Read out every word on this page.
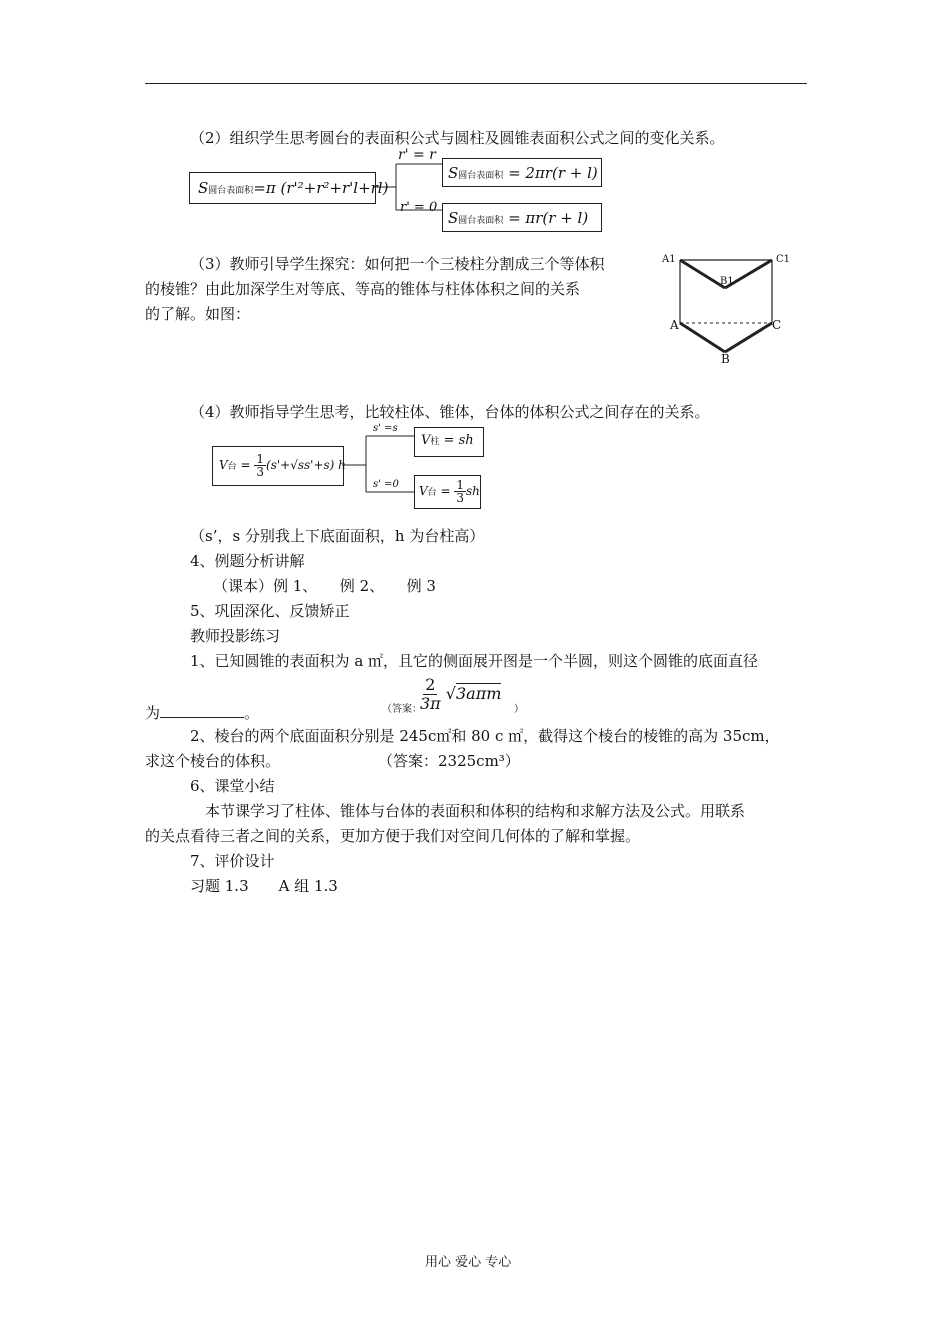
（2）组织学生思考圆台的表面积公式与圆柱及圆锥表面积公式之间的变化关系。
S圆台表面积=π (r'²+r²+r'l+rl)
r' = r
r' = 0
S圆台表面积 = 2πr(r + l)
S圆台表面积 = πr(r + l)
（3）教师引导学生探究：如何把一个三棱柱分割成三个等体积
的棱锥？由此加深学生对等底、等高的锥体与柱体体积之间的关系
的了解。如图：
A1
B1
C1
A	C
B
（4）教师指导学生思考，比较柱体、锥体，台体的体积公式之间存在的关系。
V台 = $\frac{1}{3} (s'+√ss'+s)$ h
s' =s
s' =0
V柱 = sh
V台 = $\frac{1}{3}$ sh
（s’，s 分别我上下底面面积，h 为台柱高）
4、例题分析讲解
（课本）例 1、　　例 2、　　例 3
5、巩固深化、反馈矫正
教师投影练习
1、已知圆锥的表面积为 a ㎡，且它的侧面展开图是一个半圆，则这个圆锥的底面直径
为	。	（答案：
$\frac{2}{3\pi} √3a\pi m$
）
2、棱台的两个底面面积分别是 245c㎡和 80 c ㎡，截得这个棱台的棱锥的高为 35cm，
求这个棱台的体积。	（答案：2325cm³）
6、课堂小结
本节课学习了柱体、锥体与台体的表面积和体积的结构和求解方法及公式。用联系
的关点看待三者之间的关系，更加方便于我们对空间几何体的了解和掌握。
7、评价设计
习题 1.3　　A 组 1.3
用心 爱心 专心
